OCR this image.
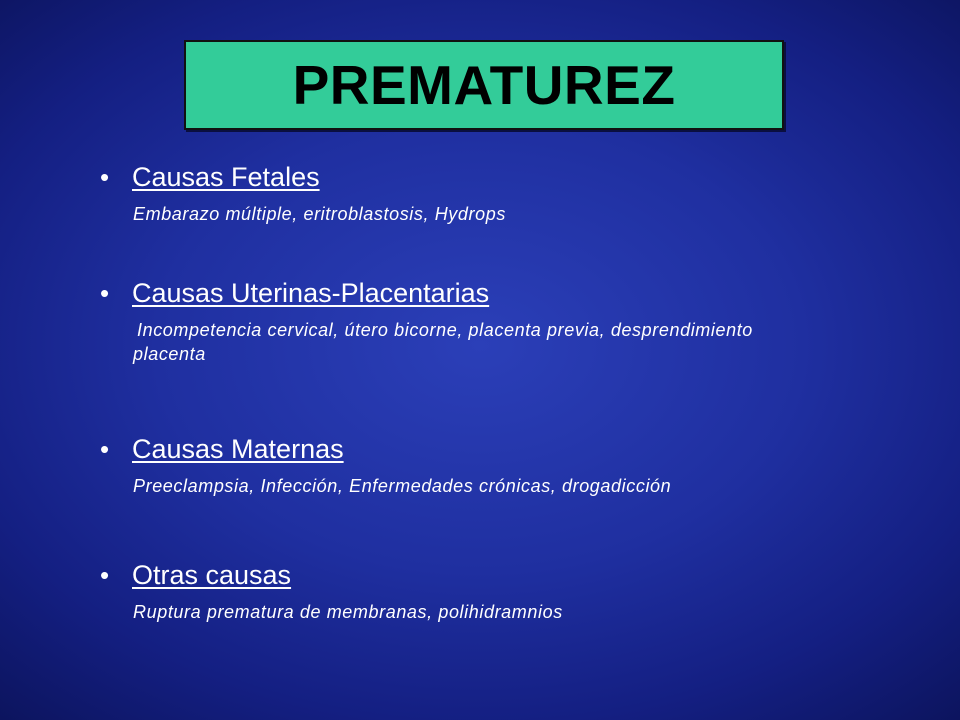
PREMATUREZ
• Causas Fetales
Embarazo múltiple, eritroblastosis, Hydrops
• Causas Uterinas-Placentarias
Incompetencia cervical, útero bicorne, placenta previa, desprendimiento placenta
• Causas Maternas
Preeclampsia, Infección, Enfermedades crónicas, drogadicción
• Otras causas
Ruptura prematura de membranas, polihidramnios
